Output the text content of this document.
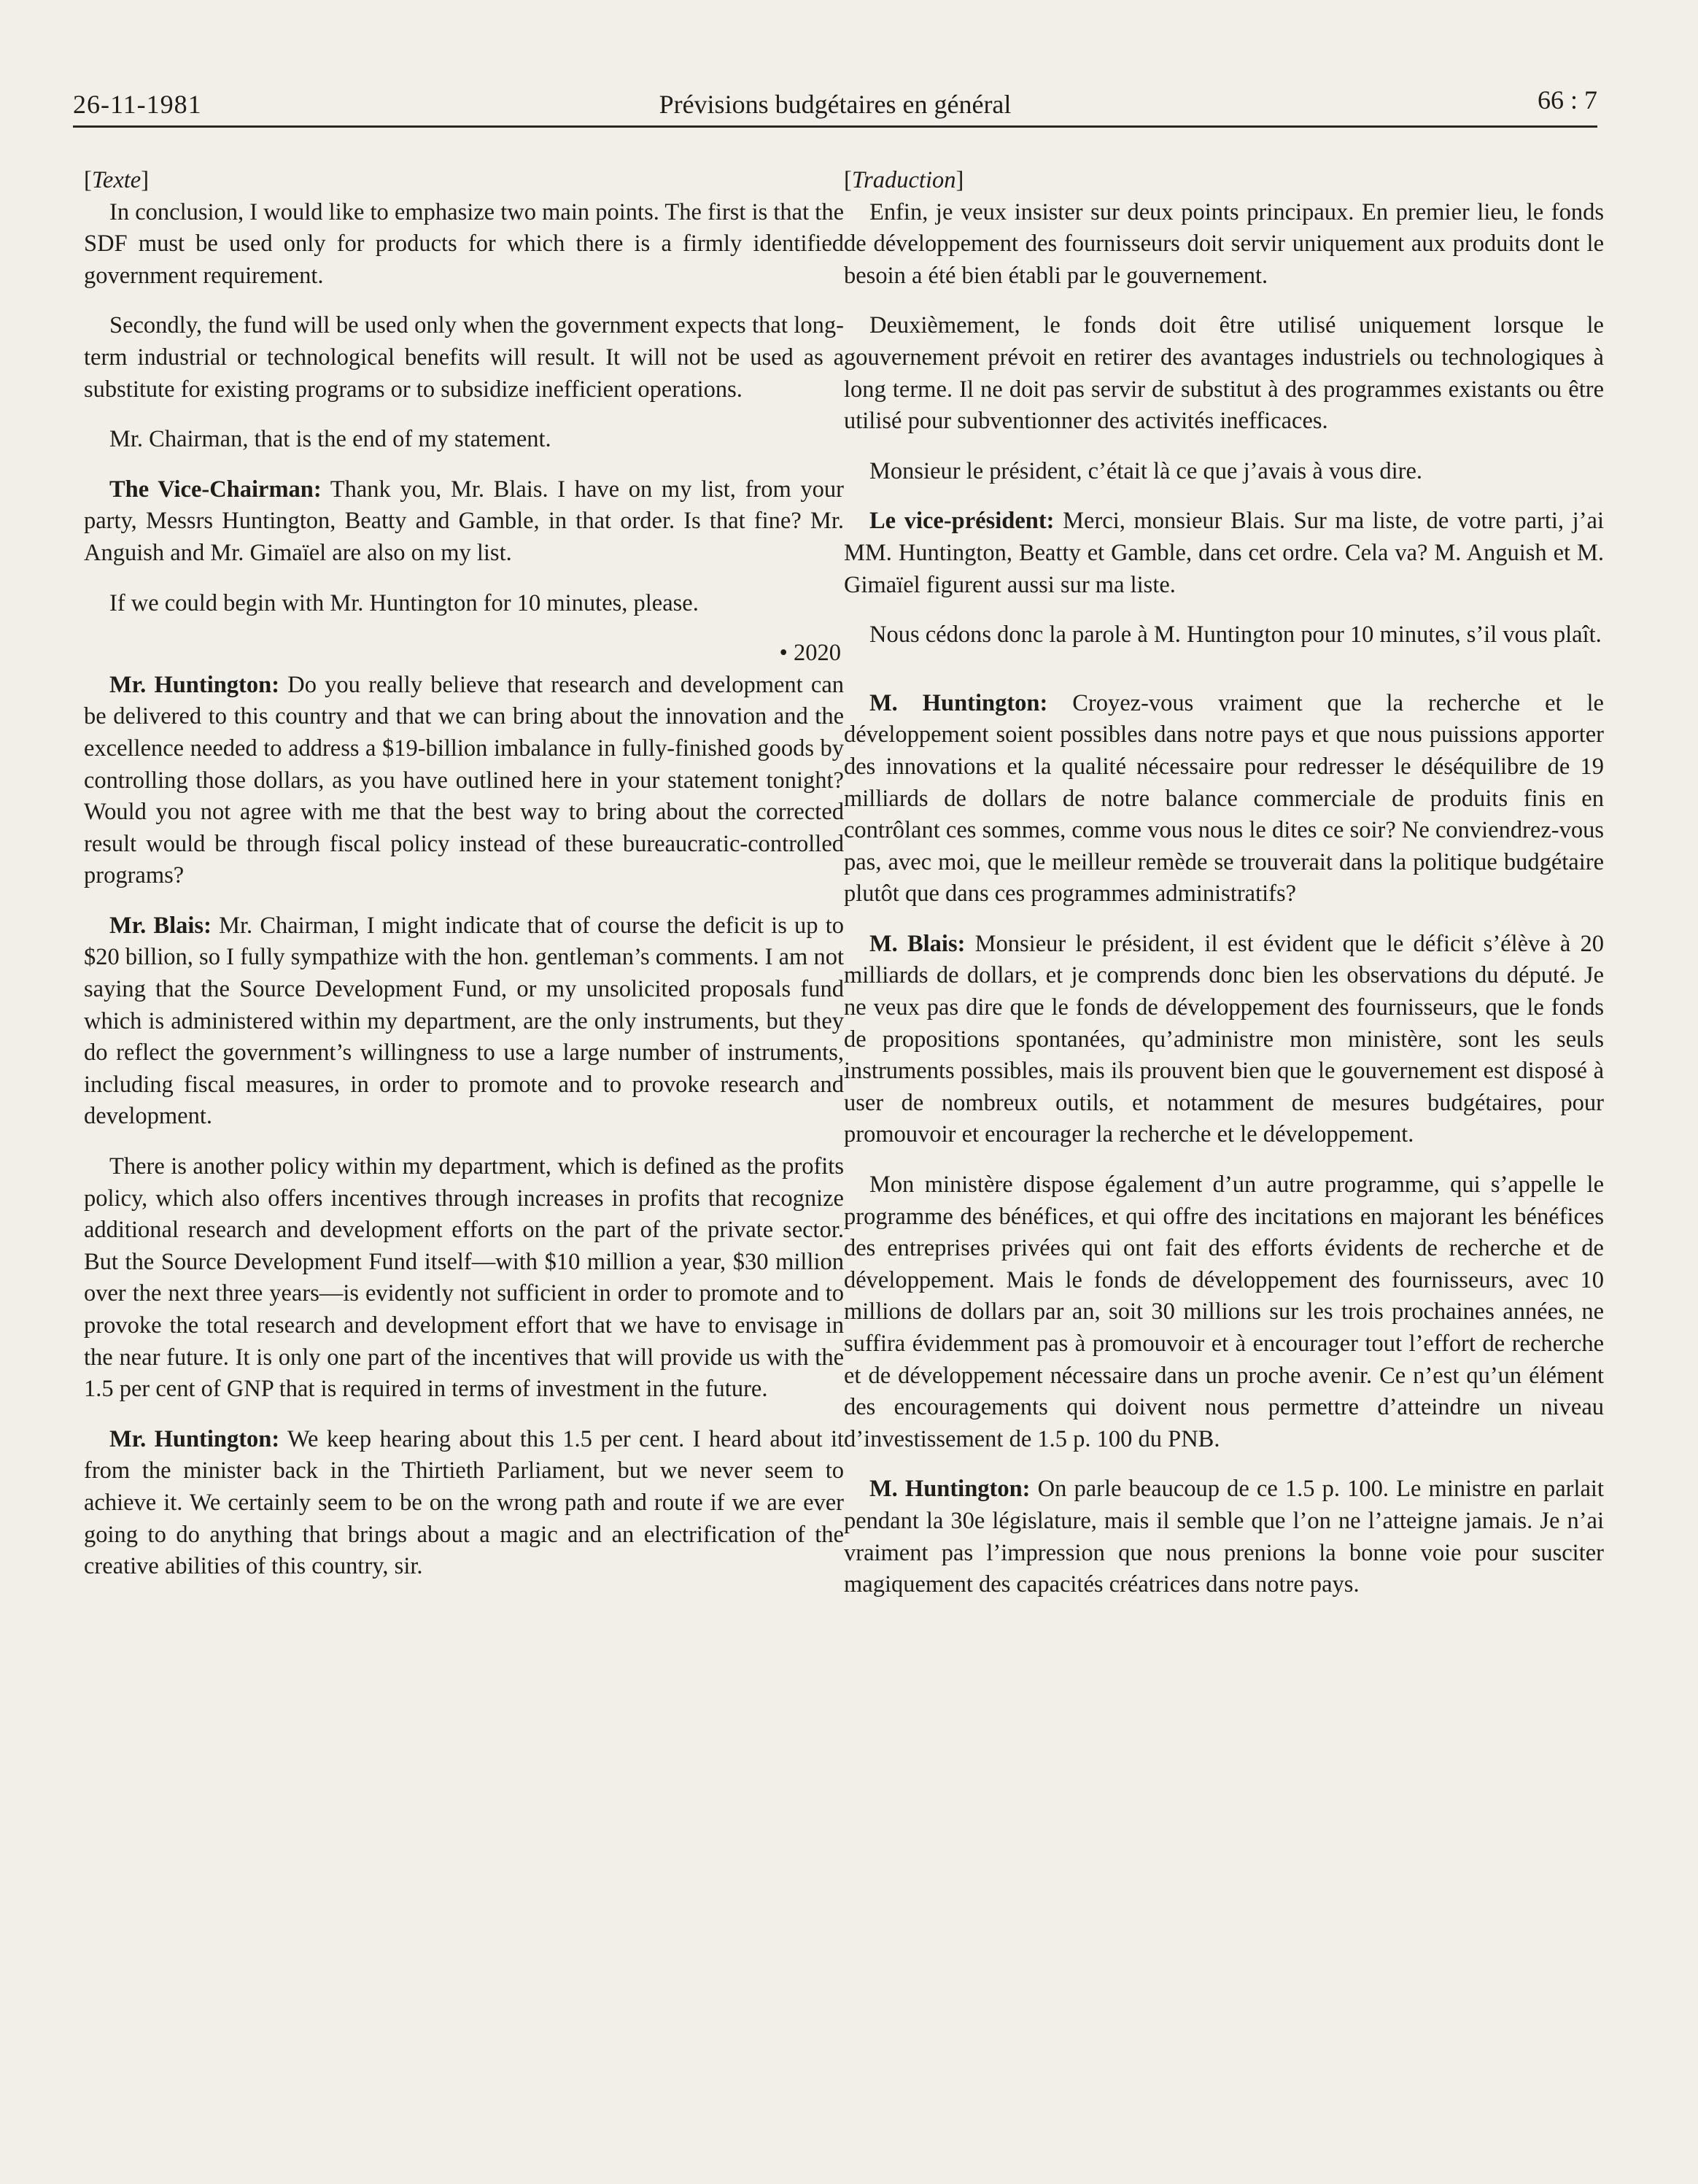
26-11-1981	Prévisions budgétaires en général	66 : 7
[Texte]

In conclusion, I would like to emphasize two main points. The first is that the SDF must be used only for products for which there is a firmly identified government requirement.

Secondly, the fund will be used only when the government expects that long-term industrial or technological benefits will result. It will not be used as a substitute for existing programs or to subsidize inefficient operations.

Mr. Chairman, that is the end of my statement.

The Vice-Chairman: Thank you, Mr. Blais. I have on my list, from your party, Messrs Huntington, Beatty and Gamble, in that order. Is that fine? Mr. Anguish and Mr. Gimaïel are also on my list.

If we could begin with Mr. Huntington for 10 minutes, please.

• 2020

Mr. Huntington: Do you really believe that research and development can be delivered to this country and that we can bring about the innovation and the excellence needed to address a $19-billion imbalance in fully-finished goods by controlling those dollars, as you have outlined here in your statement tonight? Would you not agree with me that the best way to bring about the corrected result would be through fiscal policy instead of these bureaucratic-controlled programs?

Mr. Blais: Mr. Chairman, I might indicate that of course the deficit is up to $20 billion, so I fully sympathize with the hon. gentleman’s comments. I am not saying that the Source Development Fund, or my unsolicited proposals fund which is administered within my department, are the only instruments, but they do reflect the government’s willingness to use a large number of instruments, including fiscal measures, in order to promote and to provoke research and development.

There is another policy within my department, which is defined as the profits policy, which also offers incentives through increases in profits that recognize additional research and development efforts on the part of the private sector. But the Source Development Fund itself—with $10 million a year, $30 million over the next three years—is evidently not sufficient in order to promote and to provoke the total research and development effort that we have to envisage in the near future. It is only one part of the incentives that will provide us with the 1.5 per cent of GNP that is required in terms of investment in the future.

Mr. Huntington: We keep hearing about this 1.5 per cent. I heard about it from the minister back in the Thirtieth Parliament, but we never seem to achieve it. We certainly seem to be on the wrong path and route if we are ever going to do anything that brings about a magic and an electrification of the creative abilities of this country, sir.

[Traduction]

Enfin, je veux insister sur deux points principaux. En premier lieu, le fonds de développement des fournisseurs doit servir uniquement aux produits dont le besoin a été bien établi par le gouvernement.

Deuxièmement, le fonds doit être utilisé uniquement lorsque le gouvernement prévoit en retirer des avantages industriels ou technologiques à long terme. Il ne doit pas servir de substitut à des programmes existants ou être utilisé pour subventionner des activités inefficaces.

Monsieur le président, c’était là ce que j’avais à vous dire.

Le vice-président: Merci, monsieur Blais. Sur ma liste, de votre parti, j’ai MM. Huntington, Beatty et Gamble, dans cet ordre. Cela va? M. Anguish et M. Gimaïel figurent aussi sur ma liste.

Nous cédons donc la parole à M. Huntington pour 10 minutes, s’il vous plaît.

M. Huntington: Croyez-vous vraiment que la recherche et le développement soient possibles dans notre pays et que nous puissions apporter des innovations et la qualité nécessaire pour redresser le déséquilibre de 19 milliards de dollars de notre balance commerciale de produits finis en contrôlant ces sommes, comme vous nous le dites ce soir? Ne conviendrez-vous pas, avec moi, que le meilleur remède se trouverait dans la politique budgétaire plutôt que dans ces programmes administratifs?

M. Blais: Monsieur le président, il est évident que le déficit s’élève à 20 milliards de dollars, et je comprends donc bien les observations du député. Je ne veux pas dire que le fonds de développement des fournisseurs, que le fonds de propositions spontanées, qu’administre mon ministère, sont les seuls instruments possibles, mais ils prouvent bien que le gouvernement est disposé à user de nombreux outils, et notamment de mesures budgétaires, pour promouvoir et encourager la recherche et le développement.

Mon ministère dispose également d’un autre programme, qui s’appelle le programme des bénéfices, et qui offre des incitations en majorant les bénéfices des entreprises privées qui ont fait des efforts évidents de recherche et de développement. Mais le fonds de développement des fournisseurs, avec 10 millions de dollars par an, soit 30 millions sur les trois prochaines années, ne suffira évidemment pas à promouvoir et à encourager tout l’effort de recherche et de développement nécessaire dans un proche avenir. Ce n’est qu’un élément des encouragements qui doivent nous permettre d’atteindre un niveau d’investissement de 1.5 p. 100 du PNB.

M. Huntington: On parle beaucoup de ce 1.5 p. 100. Le ministre en parlait pendant la 30e législature, mais il semble que l’on ne l’atteigne jamais. Je n’ai vraiment pas l’impression que nous prenions la bonne voie pour susciter magiquement des capacités créatrices dans notre pays.
